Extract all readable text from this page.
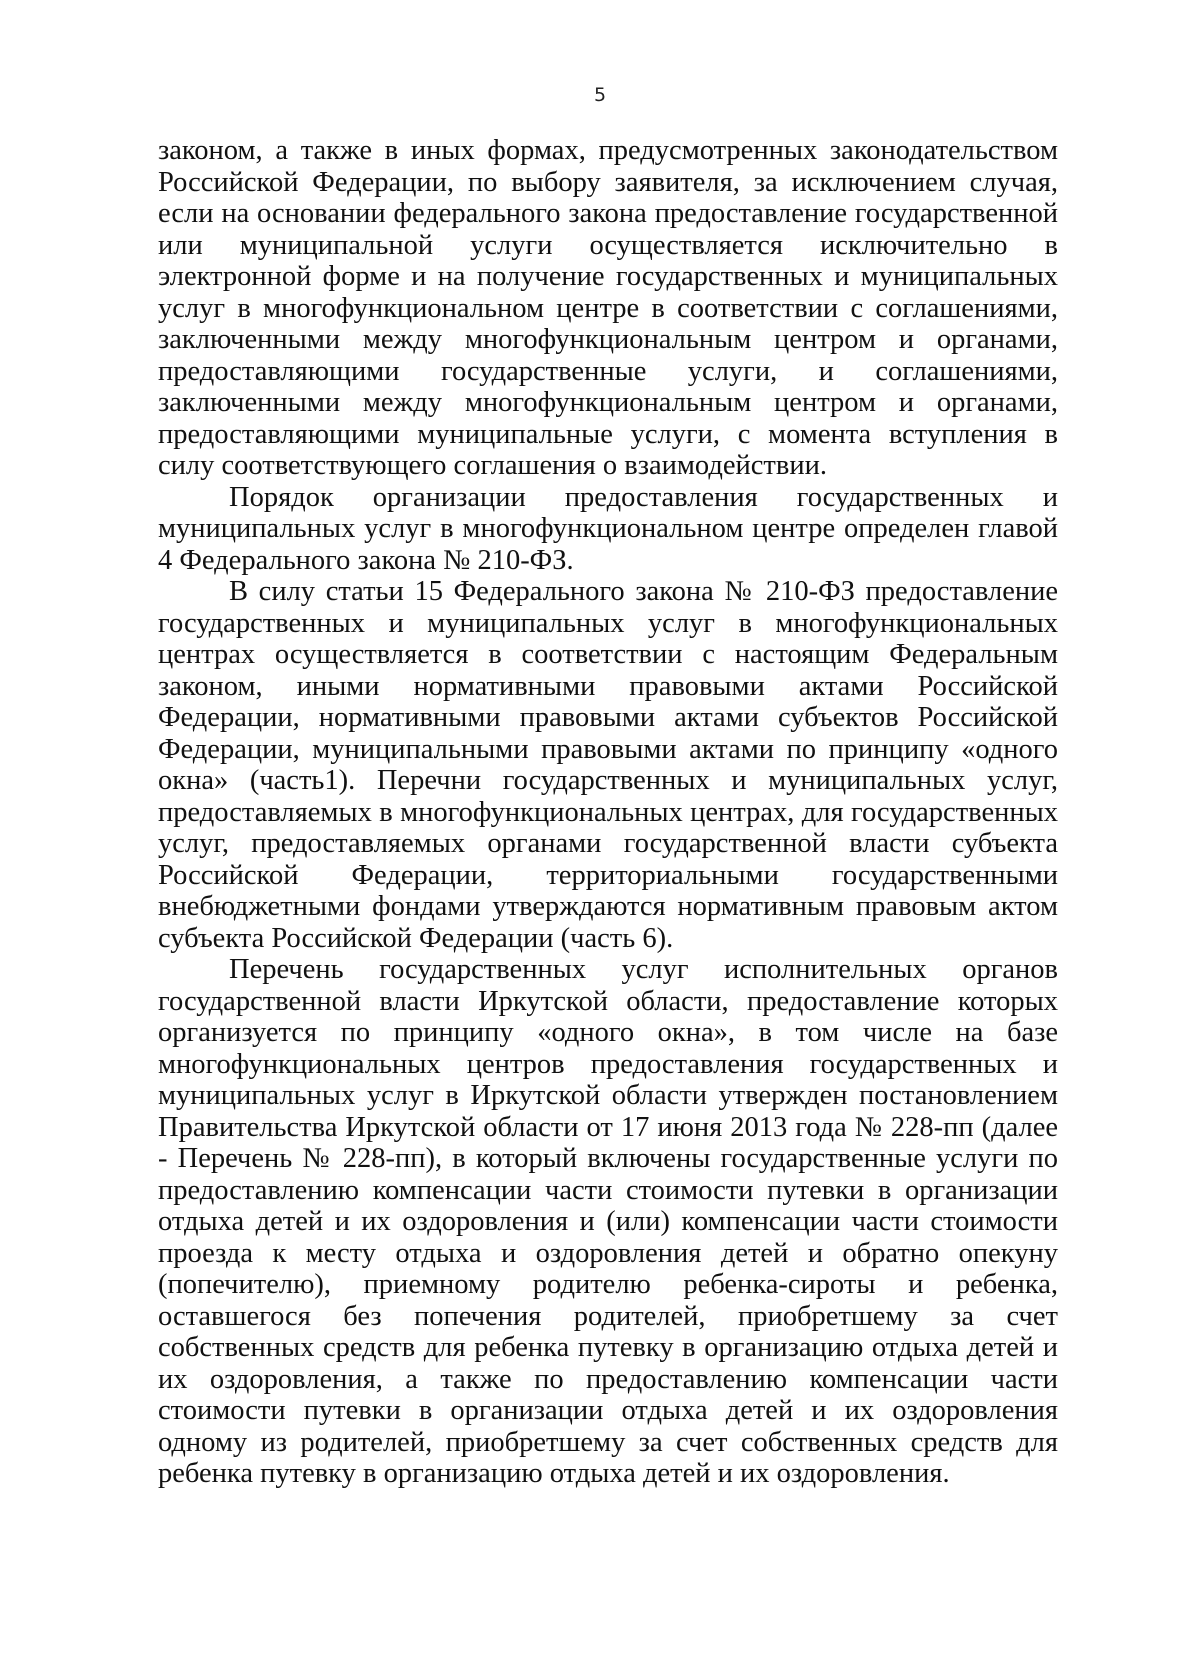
5

законом, а также в иных формах, предусмотренных законодательством Российской Федерации, по выбору заявителя, за исключением случая, если на основании федерального закона предоставление государственной или муниципальной услуги осуществляется исключительно в электронной форме и на получение государственных и муниципальных услуг в многофункциональном центре в соответствии с соглашениями, заключенными между многофункциональным центром и органами, предоставляющими государственные услуги, и соглашениями, заключенными между многофункциональным центром и органами, предоставляющими муниципальные услуги, с момента вступления в силу соответствующего соглашения о взаимодействии.

Порядок организации предоставления государственных и муниципальных услуг в многофункциональном центре определен главой 4 Федерального закона № 210-ФЗ.

В силу статьи 15 Федерального закона № 210-ФЗ предоставление государственных и муниципальных услуг в многофункциональных центрах осуществляется в соответствии с настоящим Федеральным законом, иными нормативными правовыми актами Российской Федерации, нормативными правовыми актами субъектов Российской Федерации, муниципальными правовыми актами по принципу «одного окна» (часть1). Перечни государственных и муниципальных услуг, предоставляемых в многофункциональных центрах, для государственных услуг, предоставляемых органами государственной власти субъекта Российской Федерации, территориальными государственными внебюджетными фондами утверждаются нормативным правовым актом субъекта Российской Федерации (часть 6).

Перечень государственных услуг исполнительных органов государственной власти Иркутской области, предоставление которых организуется по принципу «одного окна», в том числе на базе многофункциональных центров предоставления государственных и муниципальных услуг в Иркутской области утвержден постановлением Правительства Иркутской области от 17 июня 2013 года № 228-пп (далее - Перечень № 228-пп), в который включены государственные услуги по предоставлению компенсации части стоимости путевки в организации отдыха детей и их оздоровления и (или) компенсации части стоимости проезда к месту отдыха и оздоровления детей и обратно опекуну (попечителю), приемному родителю ребенка-сироты и ребенка, оставшегося без попечения родителей, приобретшему за счет собственных средств для ребенка путевку в организацию отдыха детей и их оздоровления, а также по предоставлению компенсации части стоимости путевки в организации отдыха детей и их оздоровления одному из родителей, приобретшему за счет собственных средств для ребенка путевку в организацию отдыха детей и их оздоровления.
